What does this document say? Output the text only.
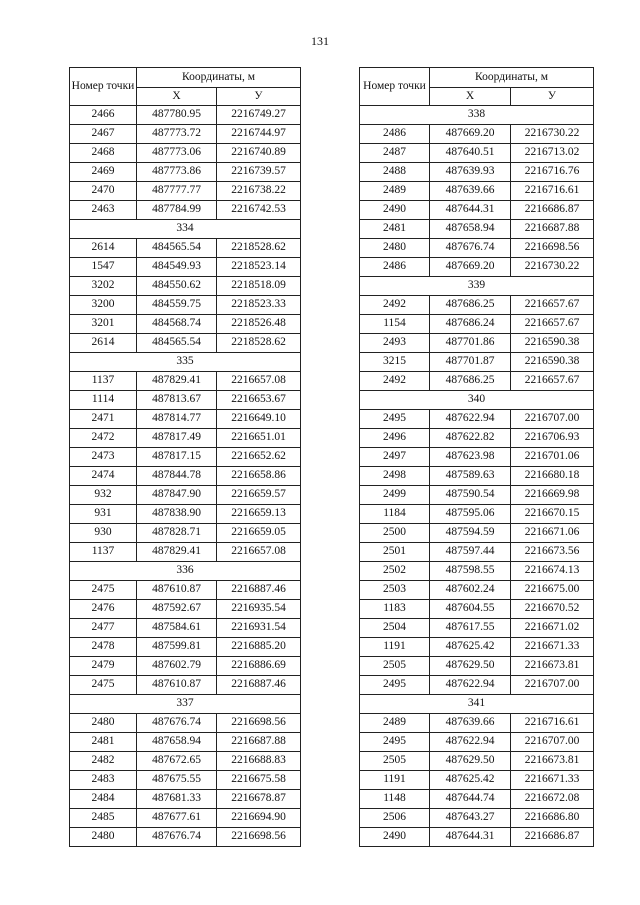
131
Номер точки	Координаты, м	
	Х	У
2466	487780.95	2216749.27
2467	487773.72	2216744.97
2468	487773.06	2216740.89
2469	487773.86	2216739.57
2470	487777.77	2216738.22
2463	487784.99	2216742.53
334		
2614	484565.54	2218528.62
1547	484549.93	2218523.14
3202	484550.62	2218518.09
3200	484559.75	2218523.33
3201	484568.74	2218526.48
2614	484565.54	2218528.62
335		
1137	487829.41	2216657.08
1114	487813.67	2216653.67
2471	487814.77	2216649.10
2472	487817.49	2216651.01
2473	487817.15	2216652.62
2474	487844.78	2216658.86
932	487847.90	2216659.57
931	487838.90	2216659.13
930	487828.71	2216659.05
1137	487829.41	2216657.08
336		
2475	487610.87	2216887.46
2476	487592.67	2216935.54
2477	487584.61	2216931.54
2478	487599.81	2216885.20
2479	487602.79	2216886.69
2475	487610.87	2216887.46
337		
2480	487676.74	2216698.56
2481	487658.94	2216687.88
2482	487672.65	2216688.83
2483	487675.55	2216675.58
2484	487681.33	2216678.87
2485	487677.61	2216694.90
2480	487676.74	2216698.56
Номер точки	Координаты, м	
	Х	У
338		
2486	487669.20	2216730.22
2487	487640.51	2216713.02
2488	487639.93	2216716.76
2489	487639.66	2216716.61
2490	487644.31	2216686.87
2481	487658.94	2216687.88
2480	487676.74	2216698.56
2486	487669.20	2216730.22
339		
2492	487686.25	2216657.67
1154	487686.24	2216657.67
2493	487701.86	2216590.38
3215	487701.87	2216590.38
2492	487686.25	2216657.67
340		
2495	487622.94	2216707.00
2496	487622.82	2216706.93
2497	487623.98	2216701.06
2498	487589.63	2216680.18
2499	487590.54	2216669.98
1184	487595.06	2216670.15
2500	487594.59	2216671.06
2501	487597.44	2216673.56
2502	487598.55	2216674.13
2503	487602.24	2216675.00
1183	487604.55	2216670.52
2504	487617.55	2216671.02
1191	487625.42	2216671.33
2505	487629.50	2216673.81
2495	487622.94	2216707.00
341		
2489	487639.66	2216716.61
2495	487622.94	2216707.00
2505	487629.50	2216673.81
1191	487625.42	2216671.33
1148	487644.74	2216672.08
2506	487643.27	2216686.80
2490	487644.31	2216686.87
